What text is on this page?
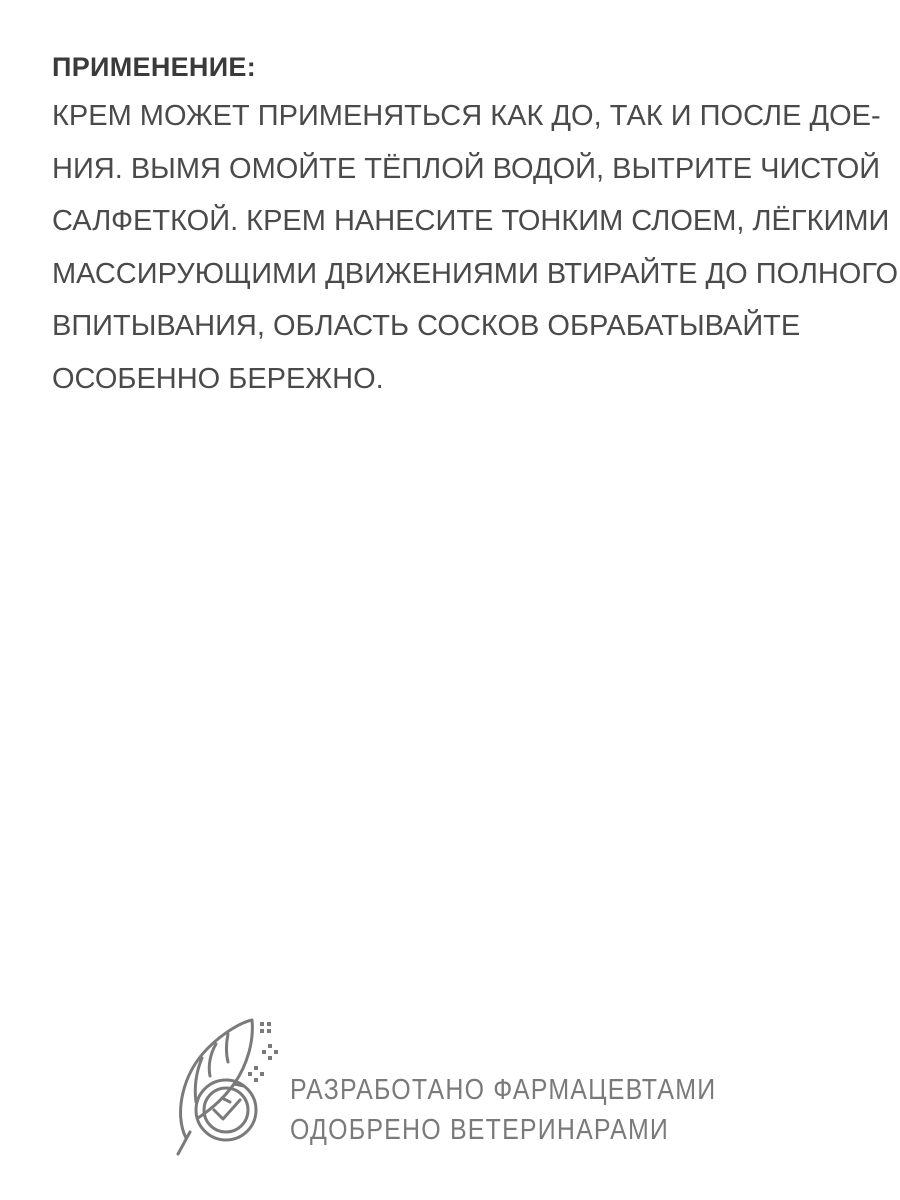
ПРИМЕНЕНИЕ:

КРЕМ МОЖЕТ ПРИМЕНЯТЬСЯ КАК ДО, ТАК И ПОСЛЕ ДОЕ-

НИЯ. ВЫМЯ ОМОЙТЕ ТЁПЛОЙ ВОДОЙ, ВЫТРИТЕ ЧИСТОЙ

САЛФЕТКОЙ. КРЕМ НАНЕСИТЕ ТОНКИМ СЛОЕМ, ЛЁГКИМИ

МАССИРУЮЩИМИ ДВИЖЕНИЯМИ ВТИРАЙТЕ ДО ПОЛНОГО

ВПИТЫВАНИЯ, ОБЛАСТЬ СОСКОВ ОБРАБАТЫВАЙТЕ

ОСОБЕННО БЕРЕЖНО.

РАЗРАБОТАНО ФАРМАЦЕВТАМИ
ОДОБРЕНО ВЕТЕРИНАРАМИ
